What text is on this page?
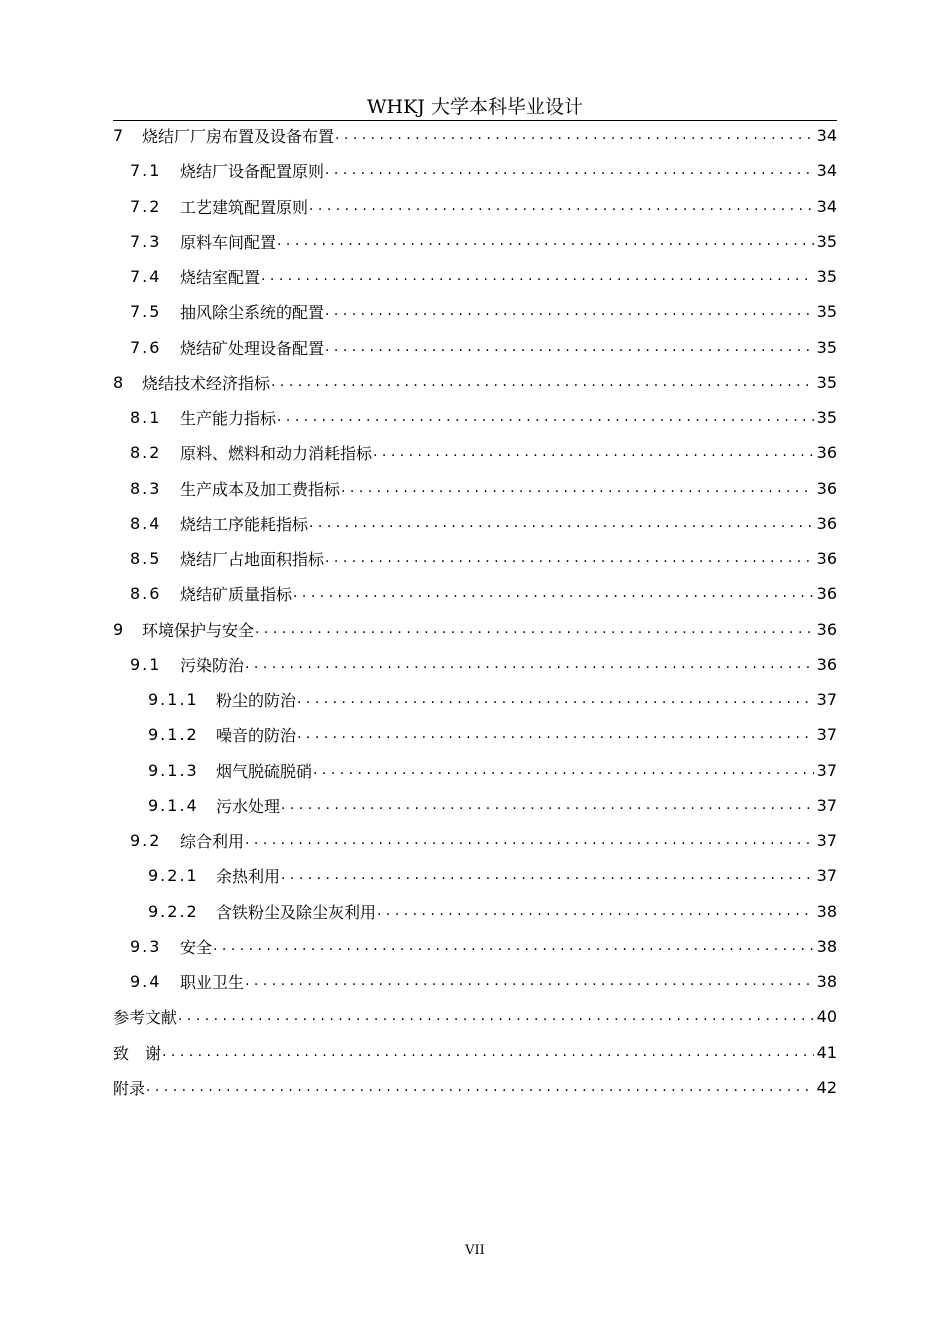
WHKJ 大学本科毕业设计
7	烧结厂厂房布置及设备布置 . . .	34
7.1	烧结厂设备配置原则 . . .	34
7.2	工艺建筑配置原则 . . .	34
7.3	原料车间配置 . . .	35
7.4	烧结室配置 . . .	35
7.5	抽风除尘系统的配置 . . .	35
7.6	烧结矿处理设备配置 . . .	35
8	烧结技术经济指标 . . .	35
8.1	生产能力指标 . . .	35
8.2	原料、燃料和动力消耗指标 . . .	36
8.3	生产成本及加工费指标 . . .	36
8.4	烧结工序能耗指标 . . .	36
8.5	烧结厂占地面积指标 . . .	36
8.6	烧结矿质量指标 . . .	36
9	环境保护与安全 . . .	36
9.1	污染防治 . . .	36
9.1.1	粉尘的防治 . . .	37
9.1.2	噪音的防治 . . .	37
9.1.3	烟气脱硫脱硝 . . .	37
9.1.4	污水处理 . . .	37
9.2	综合利用 . . .	37
9.2.1	余热利用 . . .	37
9.2.2	含铁粉尘及除尘灰利用 . . .	38
9.3	安全 . . .	38
9.4	职业卫生 . . .	38
参考文献 . . .	40
致　谢 . . .	41
附录 . . .	42
VII
